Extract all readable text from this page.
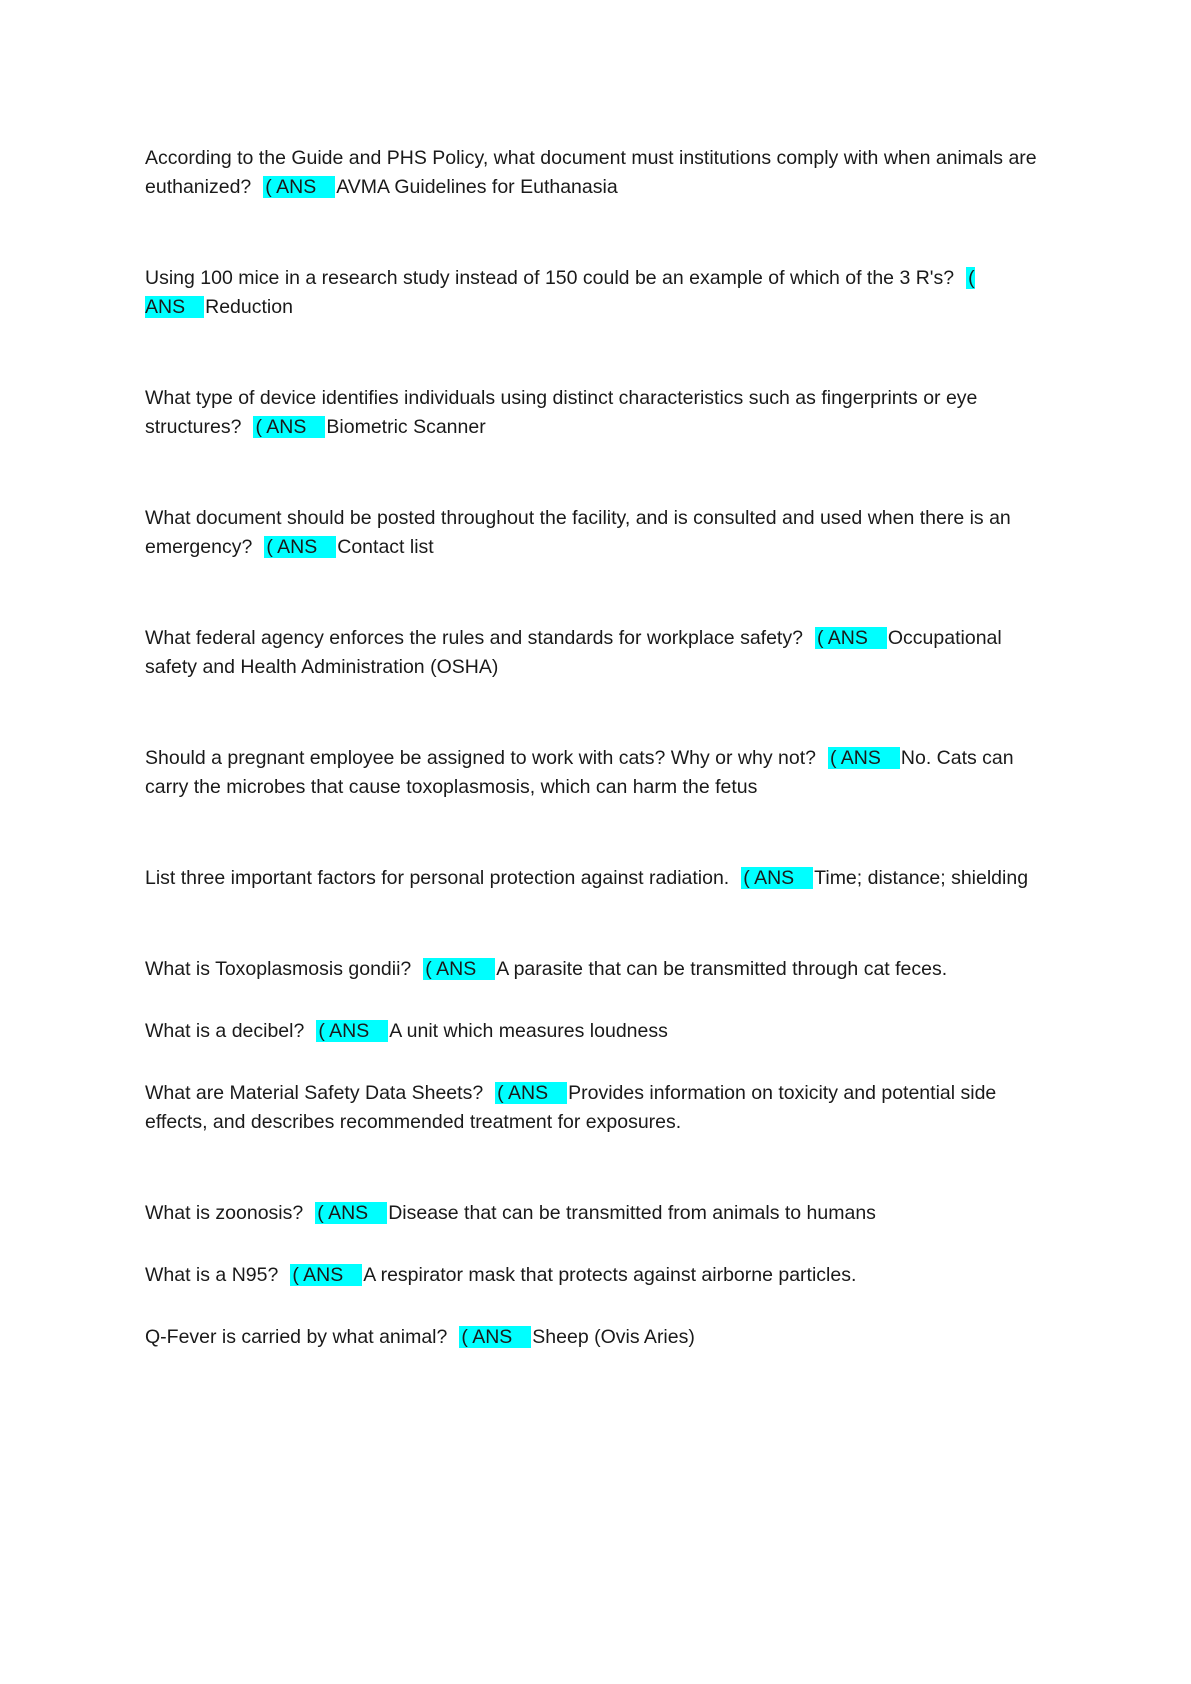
According to the Guide and PHS Policy, what document must institutions comply with when animals are euthanized? ( ANS AVMA Guidelines for Euthanasia
Using 100 mice in a research study instead of 150 could be an example of which of the 3 R's? ( ANS Reduction
What type of device identifies individuals using distinct characteristics such as fingerprints or eye structures? ( ANS Biometric Scanner
What document should be posted throughout the facility, and is consulted and used when there is an emergency? ( ANS Contact list
What federal agency enforces the rules and standards for workplace safety? ( ANS Occupational safety and Health Administration (OSHA)
Should a pregnant employee be assigned to work with cats? Why or why not? ( ANS No. Cats can carry the microbes that cause toxoplasmosis, which can harm the fetus
List three important factors for personal protection against radiation. ( ANS Time; distance; shielding
What is Toxoplasmosis gondii? ( ANS A parasite that can be transmitted through cat feces.
What is a decibel? ( ANS A unit which measures loudness
What are Material Safety Data Sheets? ( ANS Provides information on toxicity and potential side effects, and describes recommended treatment for exposures.
What is zoonosis? ( ANS Disease that can be transmitted from animals to humans
What is a N95? ( ANS A respirator mask that protects against airborne particles.
Q-Fever is carried by what animal? ( ANS Sheep (Ovis Aries)
